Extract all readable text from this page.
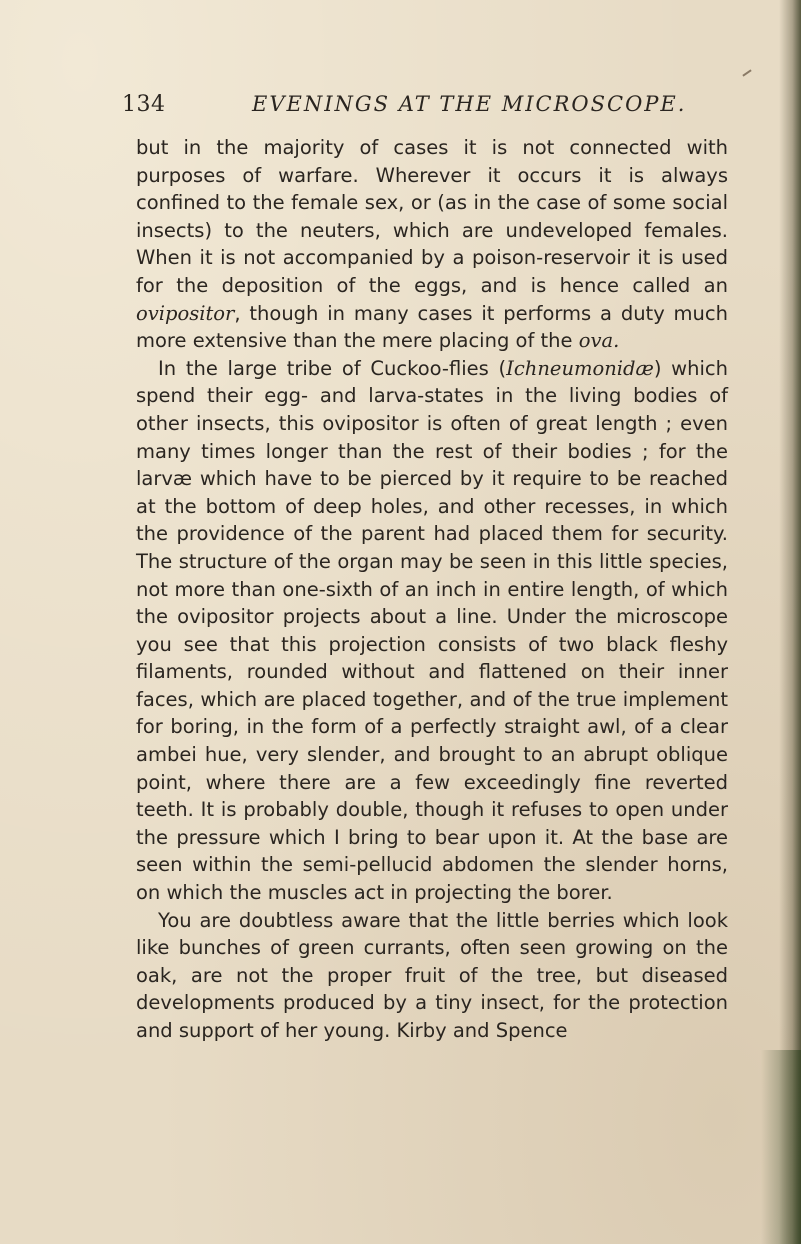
134	EVENINGS AT THE MICROSCOPE.

but in the majority of cases it is not connected with purposes of warfare. Wherever it occurs it is always confined to the female sex, or (as in the case of some social insects) to the neuters, which are undeveloped females. When it is not accompanied by a poison-reservoir it is used for the deposition of the eggs, and is hence called an ovipositor, though in many cases it performs a duty much more extensive than the mere placing of the ova.

In the large tribe of Cuckoo-flies (Ichneumonidæ) which spend their egg- and larva-states in the living bodies of other insects, this ovipositor is often of great length ; even many times longer than the rest of their bodies ; for the larvæ which have to be pierced by it require to be reached at the bottom of deep holes, and other recesses, in which the providence of the parent had placed them for security. The structure of the organ may be seen in this little species, not more than one-sixth of an inch in entire length, of which the ovipositor projects about a line. Under the microscope you see that this projection consists of two black fleshy filaments, rounded without and flattened on their inner faces, which are placed together, and of the true implement for boring, in the form of a perfectly straight awl, of a clear ambei hue, very slender, and brought to an abrupt oblique point, where there are a few exceedingly fine reverted teeth. It is probably double, though it refuses to open under the pressure which I bring to bear upon it. At the base are seen within the semi-pellucid abdomen the slender horns, on which the muscles act in projecting the borer.

You are doubtless aware that the little berries which look like bunches of green currants, often seen growing on the oak, are not the proper fruit of the tree, but diseased developments produced by a tiny insect, for the protection and support of her young. Kirby and Spence
